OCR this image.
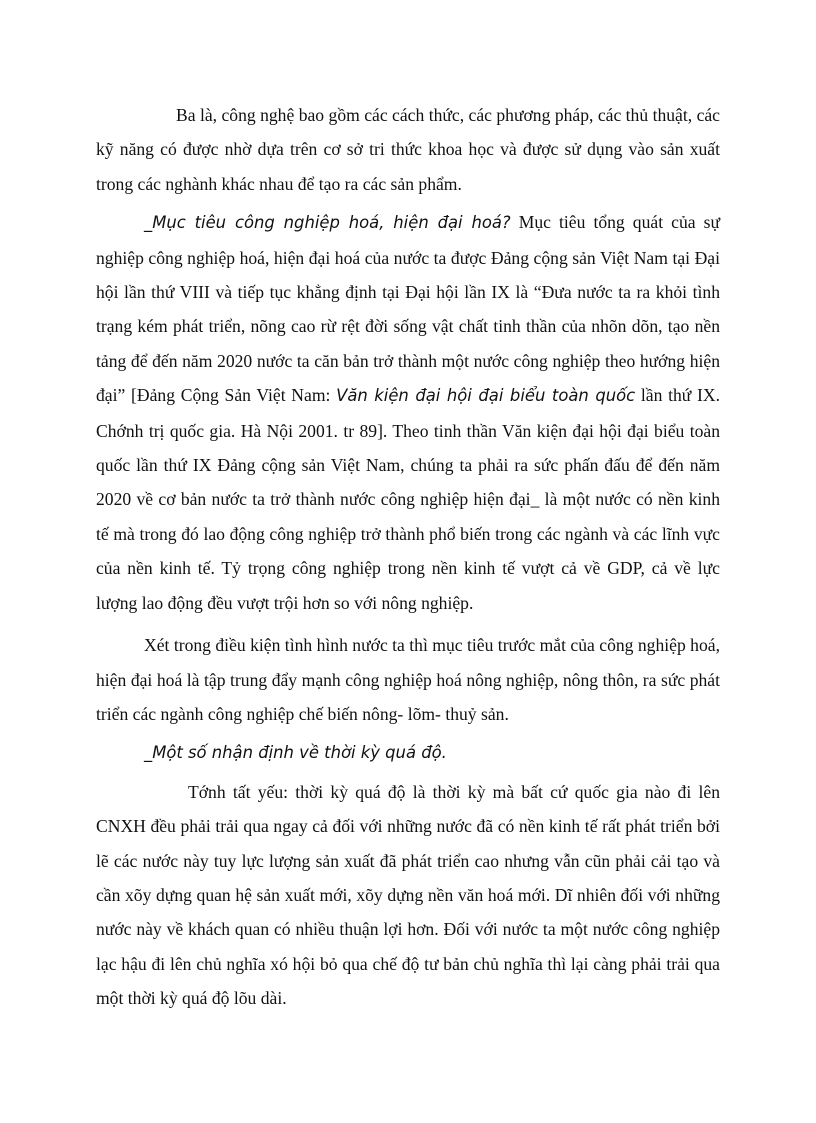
Ba là, công nghệ bao gồm các cách thức, các phương pháp, các thủ thuật, các kỹ năng có được nhờ dựa trên cơ sở tri thức khoa học và được sử dụng vào sản xuất trong các nghành khác nhau để tạo ra các sản phẩm.

_Mục tiêu công nghiệp hoá, hiện đại hoá? Mục tiêu tổng quát của sự nghiệp công nghiệp hoá, hiện đại hoá của nước ta được Đảng cộng sản Việt Nam tại Đại hội lần thứ VIII và tiếp tục khẳng định tại Đại hội lần IX là “Đưa nước ta ra khỏi tình trạng kém phát triển, nõng cao rừ rệt đời sống vật chất tinh thần của nhõn dõn, tạo nền tảng để đến năm 2020 nước ta căn bản trở thành một nước công nghiệp theo hướng hiện đại” [Đảng Cộng Sản Việt Nam: Văn kiện đại hội đại biểu toàn quốc lần thứ IX. Chớnh trị quốc gia. Hà Nội 2001. tr 89]. Theo tinh thần Văn kiện đại hội đại biểu toàn quốc lần thứ IX Đảng cộng sản Việt Nam, chúng ta phải ra sức phấn đấu để đến năm 2020 về cơ bản nước ta trở thành nước công nghiệp hiện đại_ là một nước có nền kinh tế mà trong đó lao động công nghiệp trở thành phổ biến trong các ngành và các lĩnh vực của nền kinh tế. Tỷ trọng công nghiệp trong nền kinh tế vượt cả về GDP, cả về lực lượng lao động đều vượt trội hơn so với nông nghiệp.

Xét trong điều kiện tình hình nước ta thì mục tiêu trước mắt của công nghiệp hoá, hiện đại hoá là tập trung đẩy mạnh công nghiệp hoá nông nghiệp, nông thôn, ra sức phát triển các ngành công nghiệp chế biến nông- lõm- thuỷ sản.

_Một số nhận định về thời kỳ quá độ.

Tớnh tất yếu: thời kỳ quá độ là thời kỳ mà bất cứ quốc gia nào đi lên CNXH đều phải trải qua ngay cả đối với những nước đã có nền kinh tế rất phát triển bởi lẽ các nước này tuy lực lượng sản xuất đã phát triển cao nhưng vẫn cũn phải cải tạo và cần xõy dựng quan hệ sản xuất mới, xõy dựng nền văn hoá mới. Dĩ nhiên đối với những nước này về khách quan có nhiều thuận lợi hơn. Đối với nước ta một nước công nghiệp lạc hậu đi lên chủ nghĩa xó hội bỏ qua chế độ tư bản chủ nghĩa thì lại càng phải trải qua một thời kỳ quá độ lõu dài.
